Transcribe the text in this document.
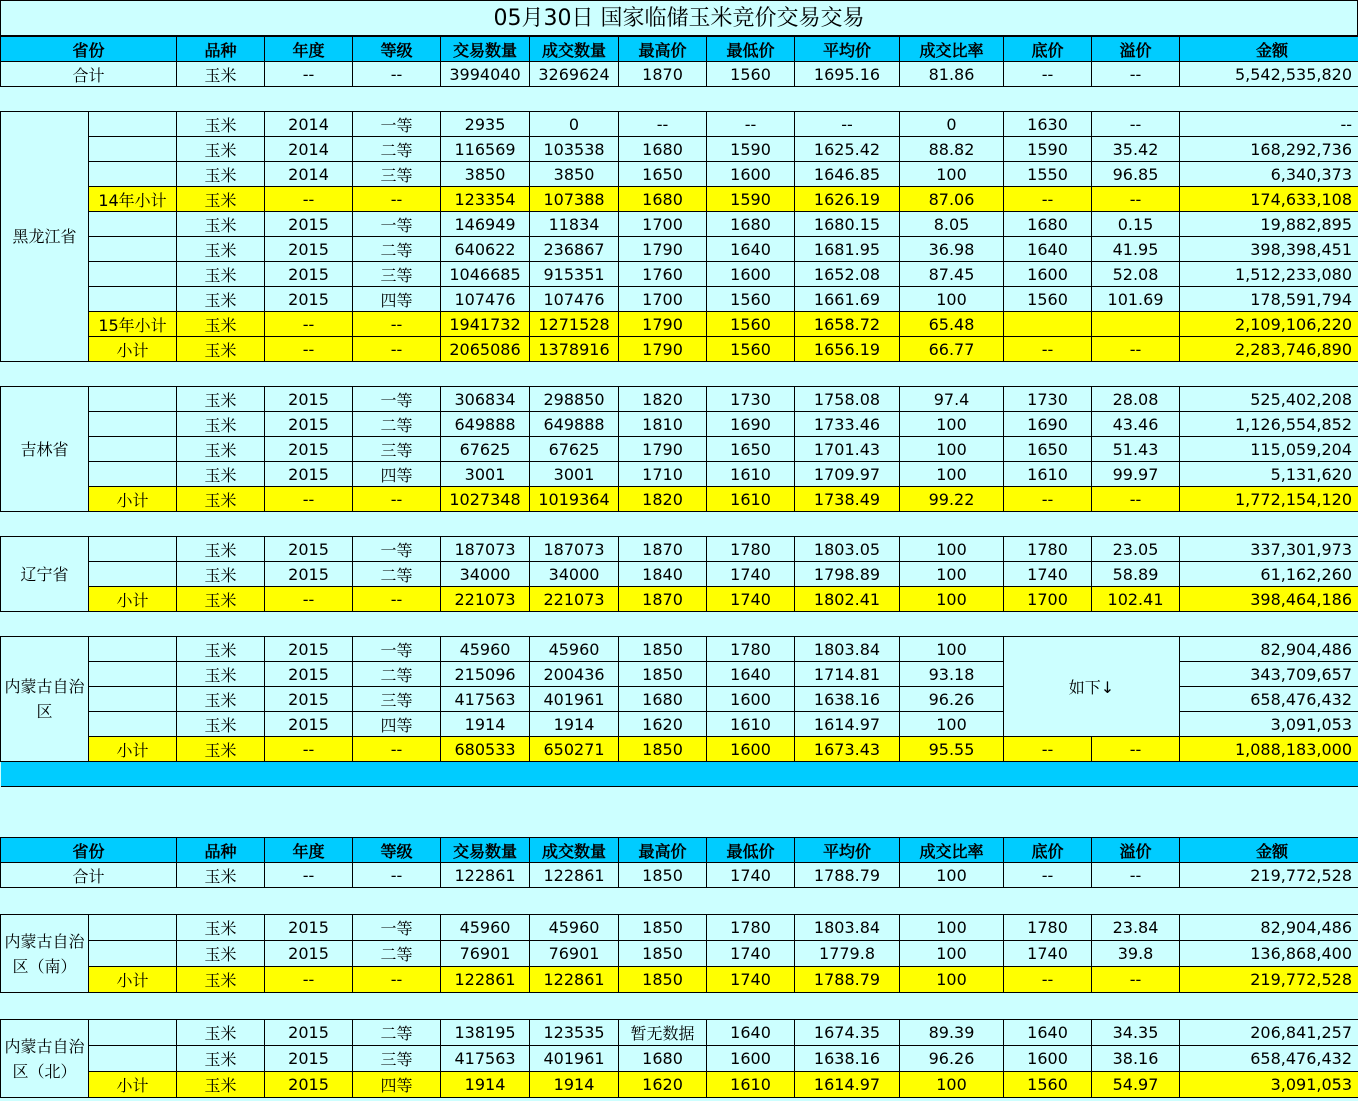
05月30日 国家临储玉米竞价交易交易
省份		品种	年度	等级	交易数量	成交数量	最高价	最低价	平均价	成交比率	底价	溢价	金额
合计		玉米	--	--	3994040	3269624	1870	1560	1695.16	81.86	--	--	5,542,535,820

黑龙江省		玉米	2014	一等	2935	0	--	--	--	0	1630	--	--
		玉米	2014	二等	116569	103538	1680	1590	1625.42	88.82	1590	35.42	168,292,736
		玉米	2014	三等	3850	3850	1650	1600	1646.85	100	1550	96.85	6,340,373
	14年小计	玉米	--	--	123354	107388	1680	1590	1626.19	87.06	--	--	174,633,108
		玉米	2015	一等	146949	11834	1700	1680	1680.15	8.05	1680	0.15	19,882,895
		玉米	2015	二等	640622	236867	1790	1640	1681.95	36.98	1640	41.95	398,398,451
		玉米	2015	三等	1046685	915351	1760	1600	1652.08	87.45	1600	52.08	1,512,233,080
		玉米	2015	四等	107476	107476	1700	1560	1661.69	100	1560	101.69	178,591,794
	15年小计	玉米	--	--	1941732	1271528	1790	1560	1658.72	65.48			2,109,106,220
	小计	玉米	--	--	2065086	1378916	1790	1560	1656.19	66.77	--	--	2,283,746,890

吉林省		玉米	2015	一等	306834	298850	1820	1730	1758.08	97.4	1730	28.08	525,402,208
		玉米	2015	二等	649888	649888	1810	1690	1733.46	100	1690	43.46	1,126,554,852
		玉米	2015	三等	67625	67625	1790	1650	1701.43	100	1650	51.43	115,059,204
		玉米	2015	四等	3001	3001	1710	1610	1709.97	100	1610	99.97	5,131,620
	小计	玉米	--	--	1027348	1019364	1820	1610	1738.49	99.22	--	--	1,772,154,120

辽宁省		玉米	2015	一等	187073	187073	1870	1780	1803.05	100	1780	23.05	337,301,973
		玉米	2015	二等	34000	34000	1840	1740	1798.89	100	1740	58.89	61,162,260
	小计	玉米	--	--	221073	221073	1870	1740	1802.41	100	1700	102.41	398,464,186

内蒙古自治区		玉米	2015	一等	45960	45960	1850	1780	1803.84	100	如下↓		82,904,486
		玉米	2015	二等	215096	200436	1850	1640	1714.81	93.18			343,709,657
		玉米	2015	三等	417563	401961	1680	1600	1638.16	96.26			658,476,432
		玉米	2015	四等	1914	1914	1620	1610	1614.97	100			3,091,053
	小计	玉米	--	--	680533	650271	1850	1600	1673.43	95.55	--	--	1,088,183,000

省份		品种	年度	等级	交易数量	成交数量	最高价	最低价	平均价	成交比率	底价	溢价	金额
合计		玉米	--	--	122861	122861	1850	1740	1788.79	100	--	--	219,772,528

内蒙古自治区（南）		玉米	2015	一等	45960	45960	1850	1780	1803.84	100	1780	23.84	82,904,486
		玉米	2015	二等	76901	76901	1850	1740	1779.8	100	1740	39.8	136,868,400
	小计	玉米	--	--	122861	122861	1850	1740	1788.79	100	--	--	219,772,528

内蒙古自治区（北）		玉米	2015	二等	138195	123535	暂无数据	1640	1674.35	89.39	1640	34.35	206,841,257
		玉米	2015	三等	417563	401961	1680	1600	1638.16	96.26	1600	38.16	658,476,432
	小计	玉米	2015	四等	1914	1914	1620	1610	1614.97	100	1560	54.97	3,091,053
